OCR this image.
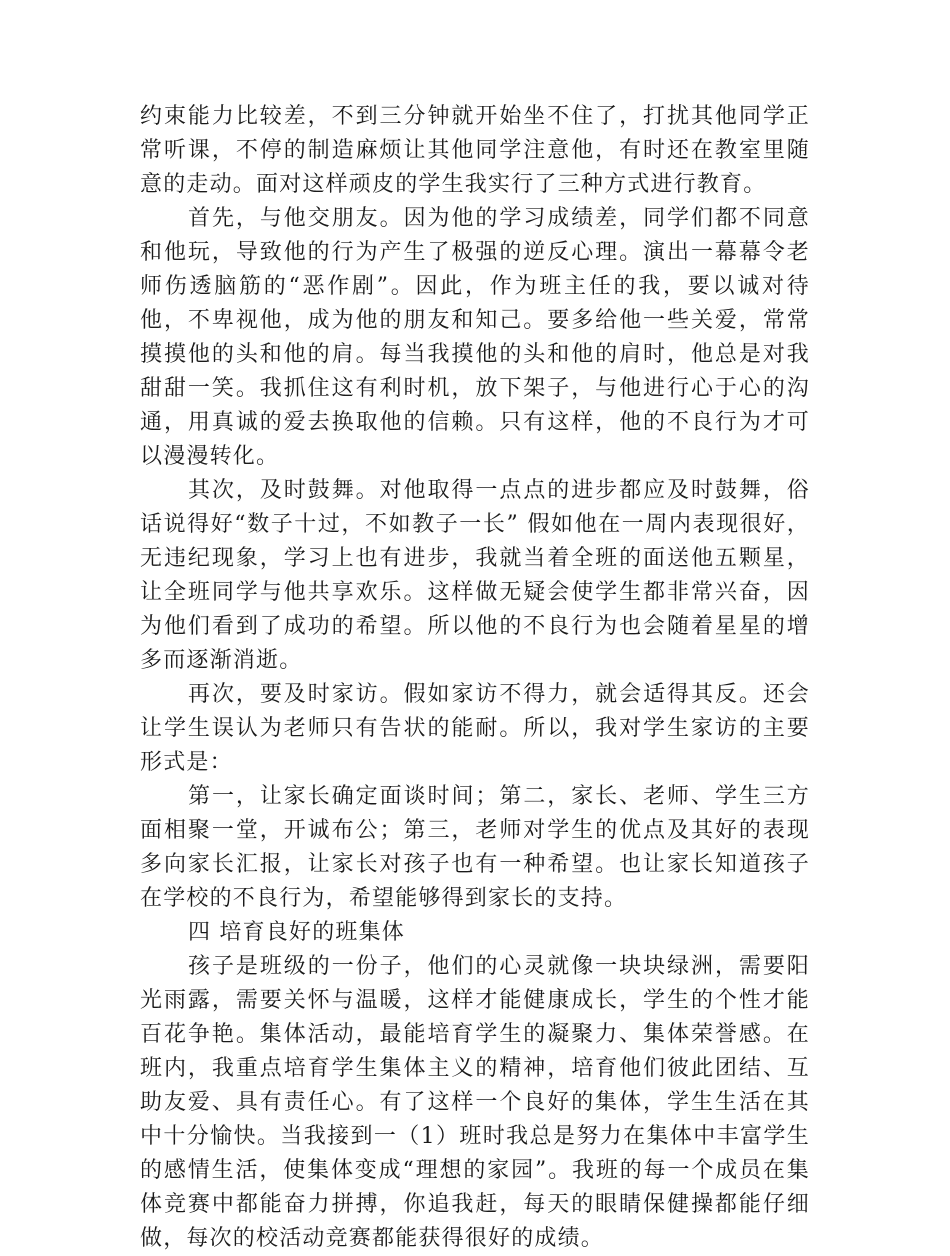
约束能力比较差，不到三分钟就开始坐不住了，打扰其他同学正常听课，不停的制造麻烦让其他同学注意他，有时还在教室里随意的走动。面对这样顽皮的学生我实行了三种方式进行教育。

首先，与他交朋友。因为他的学习成绩差，同学们都不同意和他玩，导致他的行为产生了极强的逆反心理。演出一幕幕令老师伤透脑筋的“恶作剧”。因此，作为班主任的我，要以诚对待他，不卑视他，成为他的朋友和知己。要多给他一些关爱，常常摸摸他的头和他的肩。每当我摸他的头和他的肩时，他总是对我甜甜一笑。我抓住这有利时机，放下架子，与他进行心于心的沟通，用真诚的爱去换取他的信赖。只有这样，他的不良行为才可以漫漫转化。

其次，及时鼓舞。对他取得一点点的进步都应及时鼓舞，俗话说得好“数子十过，不如教子一长” 假如他在一周内表现很好，无违纪现象，学习上也有进步，我就当着全班的面送他五颗星，让全班同学与他共享欢乐。这样做无疑会使学生都非常兴奋，因为他们看到了成功的希望。所以他的不良行为也会随着星星的增多而逐渐消逝。

再次，要及时家访。假如家访不得力，就会适得其反。还会让学生误认为老师只有告状的能耐。所以，我对学生家访的主要形式是：

第一，让家长确定面谈时间；第二，家长、老师、学生三方面相聚一堂，开诚布公；第三，老师对学生的优点及其好的表现多向家长汇报，让家长对孩子也有一种希望。也让家长知道孩子在学校的不良行为，希望能够得到家长的支持。

四 培育良好的班集体

孩子是班级的一份子，他们的心灵就像一块块绿洲，需要阳光雨露，需要关怀与温暖，这样才能健康成长，学生的个性才能百花争艳。集体活动，最能培育学生的凝聚力、集体荣誉感。在班内，我重点培育学生集体主义的精神，培育他们彼此团结、互助友爱、具有责任心。有了这样一个良好的集体，学生生活在其中十分愉快。当我接到一（1）班时我总是努力在集体中丰富学生的感情生活，使集体变成“理想的家园”。我班的每一个成员在集体竞赛中都能奋力拼搏，你追我赶，每天的眼睛保健操都能仔细做，每次的校活动竞赛都能获得很好的成绩。
